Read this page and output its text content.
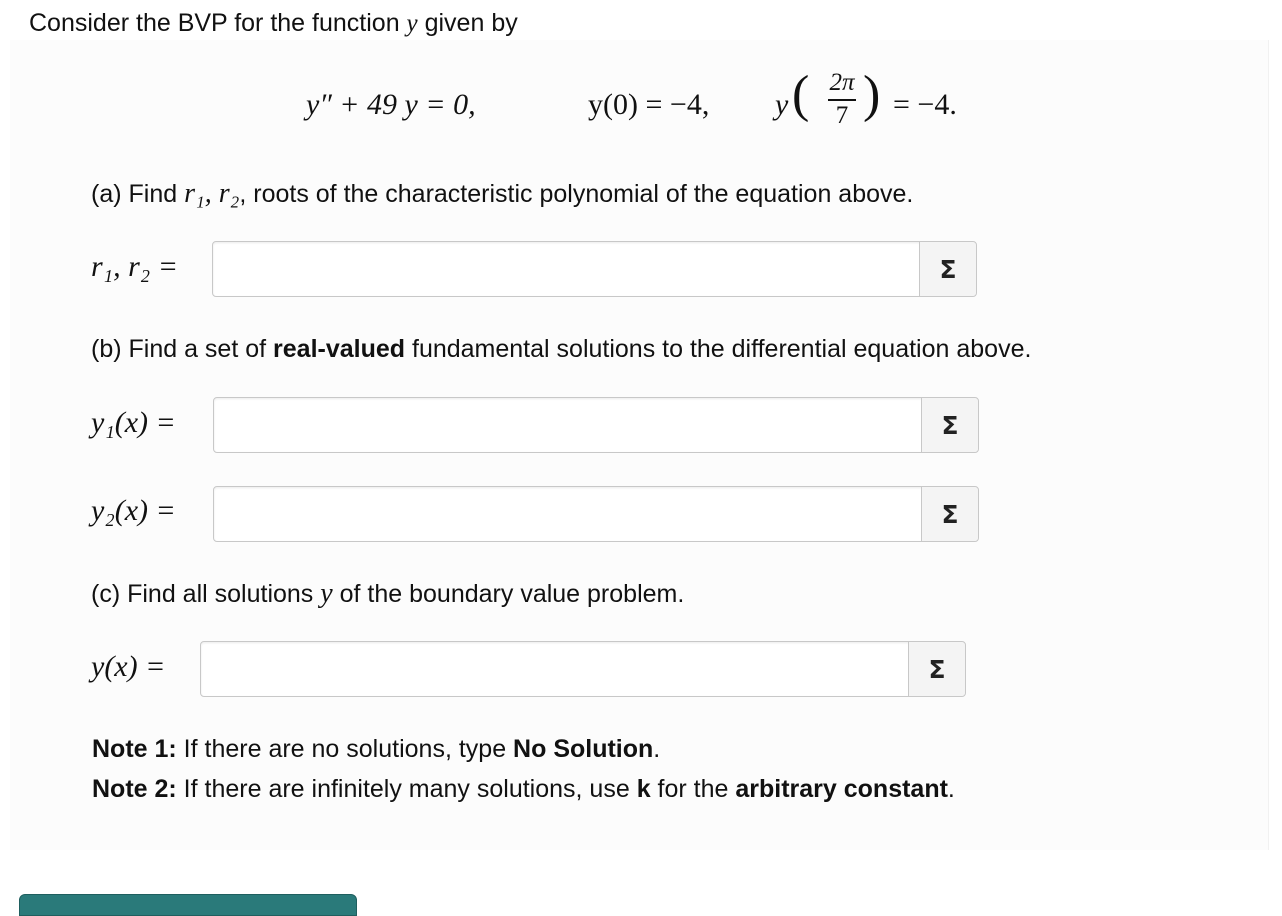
Consider the BVP for the function y given by
y″ + 49 y = 0,	y(0) = −4, y ( 2π
7 ) = −4.
(a) Find r₁, r₂, roots of the characteristic polynomial of the equation above.
r₁, r₂ =	Σ
(b) Find a set of real-valued fundamental solutions to the differential equation above.
y₁(x) =	Σ
y₂(x) =	Σ
(c) Find all solutions y of the boundary value problem.
y(x) =	Σ
Note 1: If there are no solutions, type No Solution.
Note 2: If there are infinitely many solutions, use k for the arbitrary constant.
